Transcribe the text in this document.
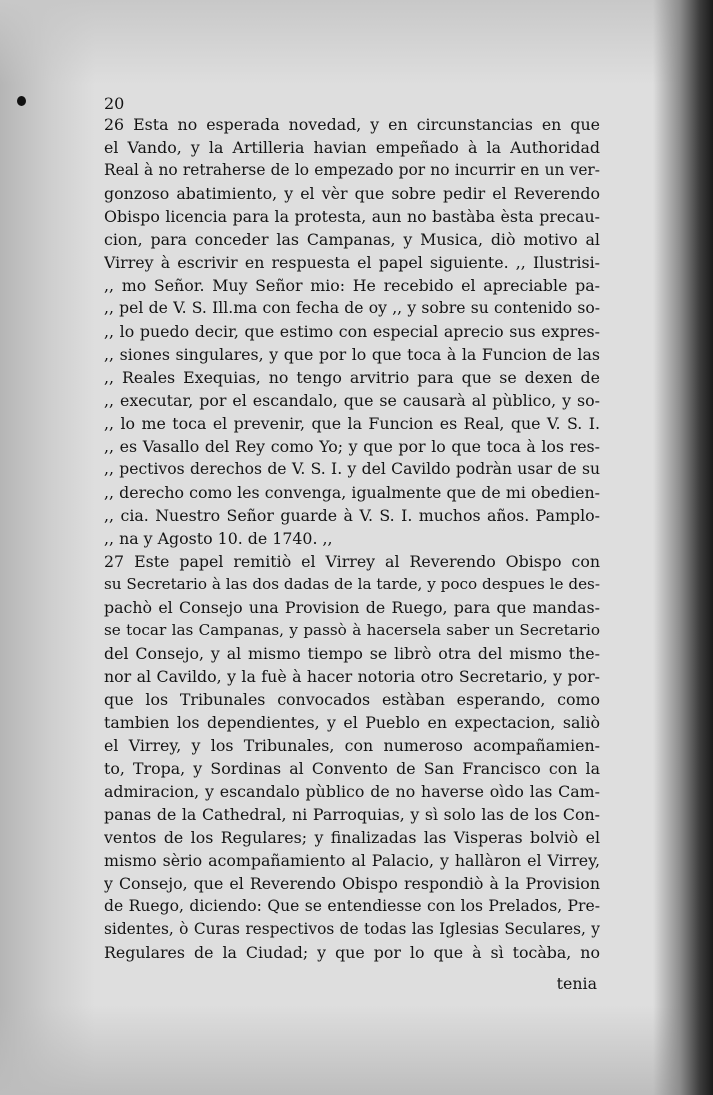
20
26 Esta no esperada novedad, y en circunstancias en que
el Vando, y la Artilleria havian empeñado à la Authoridad
Real à no retraherse de lo empezado por no incurrir en un ver-
gonzoso abatimiento, y el vèr que sobre pedir el Reverendo
Obispo licencia para la protesta, aun no bastàba èsta precau-
cion, para conceder las Campanas, y Musica, diò motivo al
Virrey à escrivir en respuesta el papel siguiente. ,, Ilustrisi-
,, mo Señor. Muy Señor mio: He recebido el apreciable pa-
,, pel de V. S. Ill.ma con fecha de oy ,, y sobre su contenido so-
,, lo puedo decir, que estimo con especial aprecio sus expres-
,, siones singulares, y que por lo que toca à la Funcion de las
,, Reales Exequias, no tengo arvitrio para que se dexen de
,, executar, por el escandalo, que se causarà al pùblico, y so-
,, lo me toca el prevenir, que la Funcion es Real, que V. S. I.
,, es Vasallo del Rey como Yo; y que por lo que toca à los res-
,, pectivos derechos de V. S. I. y del Cavildo podràn usar de su
,, derecho como les convenga, igualmente que de mi obedien-
,, cia. Nuestro Señor guarde à V. S. I. muchos años. Pamplo-
,, na y Agosto 10. de 1740. ,,
27 Este papel remitiò el Virrey al Reverendo Obispo con
su Secretario à las dos dadas de la tarde, y poco despues le des-
pachò el Consejo una Provision de Ruego, para que mandas-
se tocar las Campanas, y passò à hacersela saber un Secretario
del Consejo, y al mismo tiempo se librò otra del mismo the-
nor al Cavildo, y la fuè à hacer notoria otro Secretario, y por-
que los Tribunales convocados estàban esperando, como
tambien los dependientes, y el Pueblo en expectacion, saliò
el Virrey, y los Tribunales, con numeroso acompañamien-
to, Tropa, y Sordinas al Convento de San Francisco con la
admiracion, y escandalo pùblico de no haverse oìdo las Cam-
panas de la Cathedral, ni Parroquias, y sì solo las de los Con-
ventos de los Regulares; y finalizadas las Visperas bolviò el
mismo sèrio acompañamiento al Palacio, y hallàron el Virrey,
y Consejo, que el Reverendo Obispo respondiò à la Provision
de Ruego, diciendo: Que se entendiesse con los Prelados, Pre-
sidentes, ò Curas respectivos de todas las Iglesias Seculares, y
Regulares de la Ciudad; y que por lo que à sì tocàba, no
tenia
